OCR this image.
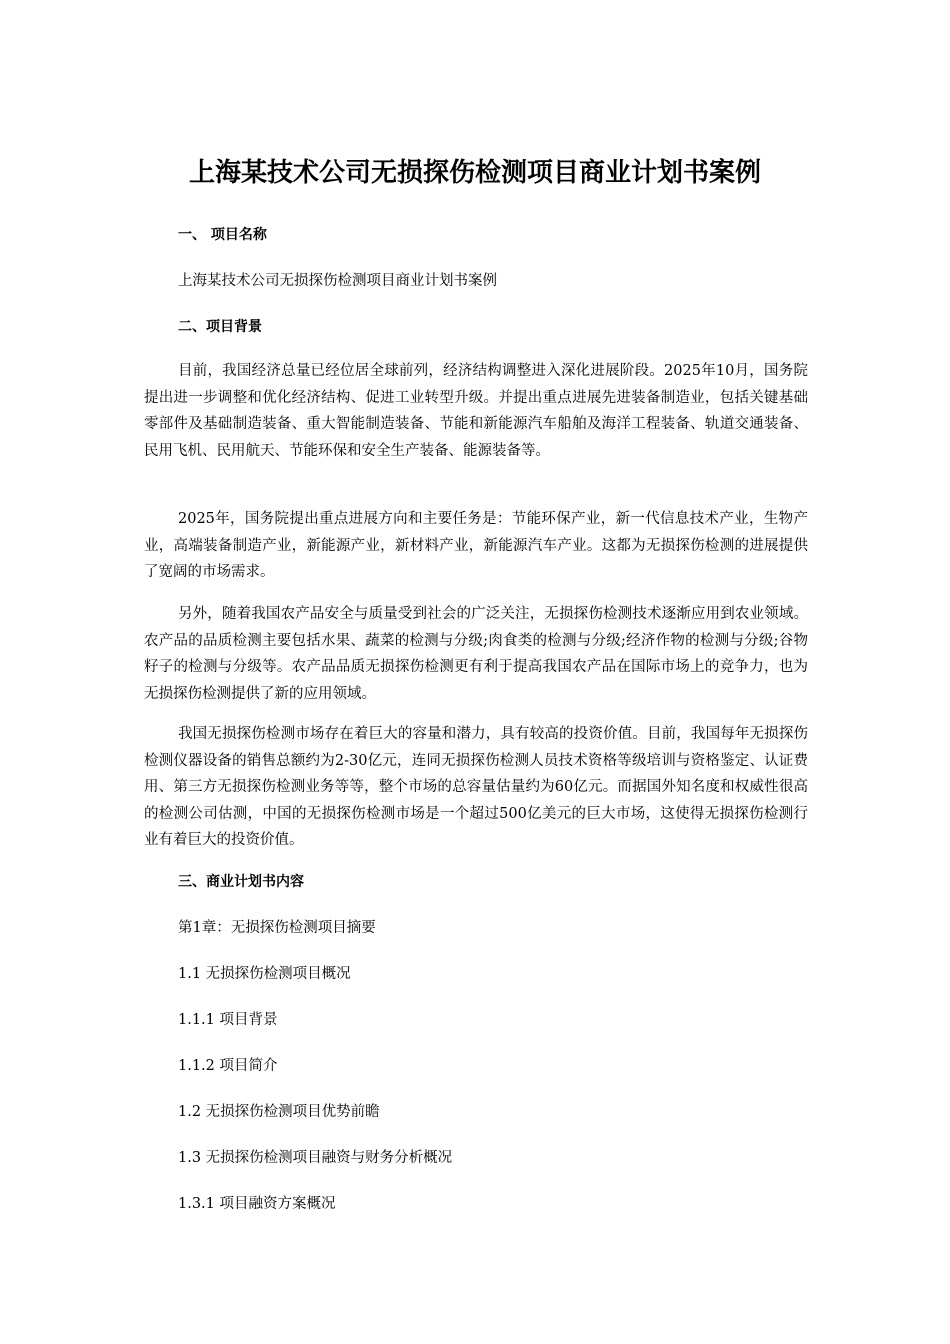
上海某技术公司无损探伤检测项目商业计划书案例
一、 项目名称
上海某技术公司无损探伤检测项目商业计划书案例
二、项目背景

目前，我国经济总量已经位居全球前列，经济结构调整进入深化进展阶段。2025年10月，国务院提出进一步调整和优化经济结构、促进工业转型升级。并提出重点进展先进装备制造业，包括关键基础零部件及基础制造装备、重大智能制造装备、节能和新能源汽车船舶及海洋工程装备、轨道交通装备、民用飞机、民用航天、节能环保和安全生产装备、能源装备等。

2025年，国务院提出重点进展方向和主要任务是：节能环保产业，新一代信息技术产业，生物产业，高端装备制造产业，新能源产业，新材料产业，新能源汽车产业。这都为无损探伤检测的进展提供了宽阔的市场需求。

另外，随着我国农产品安全与质量受到社会的广泛关注，无损探伤检测技术逐渐应用到农业领域。农产品的品质检测主要包括水果、蔬菜的检测与分级;肉食类的检测与分级;经济作物的检测与分级;谷物籽子的检测与分级等。农产品品质无损探伤检测更有利于提高我国农产品在国际市场上的竞争力，也为无损探伤检测提供了新的应用领域。

我国无损探伤检测市场存在着巨大的容量和潜力，具有较高的投资价值。目前，我国每年无损探伤检测仪器设备的销售总额约为2-30亿元，连同无损探伤检测人员技术资格等级培训与资格鉴定、认证费用、第三方无损探伤检测业务等等，整个市场的总容量估量约为60亿元。而据国外知名度和权威性很高的检测公司估测，中国的无损探伤检测市场是一个超过500亿美元的巨大市场，这使得无损探伤检测行业有着巨大的投资价值。

三、商业计划书内容
第1章：无损探伤检测项目摘要
1.1 无损探伤检测项目概况
1.1.1 项目背景
1.1.2 项目简介
1.2 无损探伤检测项目优势前瞻
1.3 无损探伤检测项目融资与财务分析概况
1.3.1 项目融资方案概况
